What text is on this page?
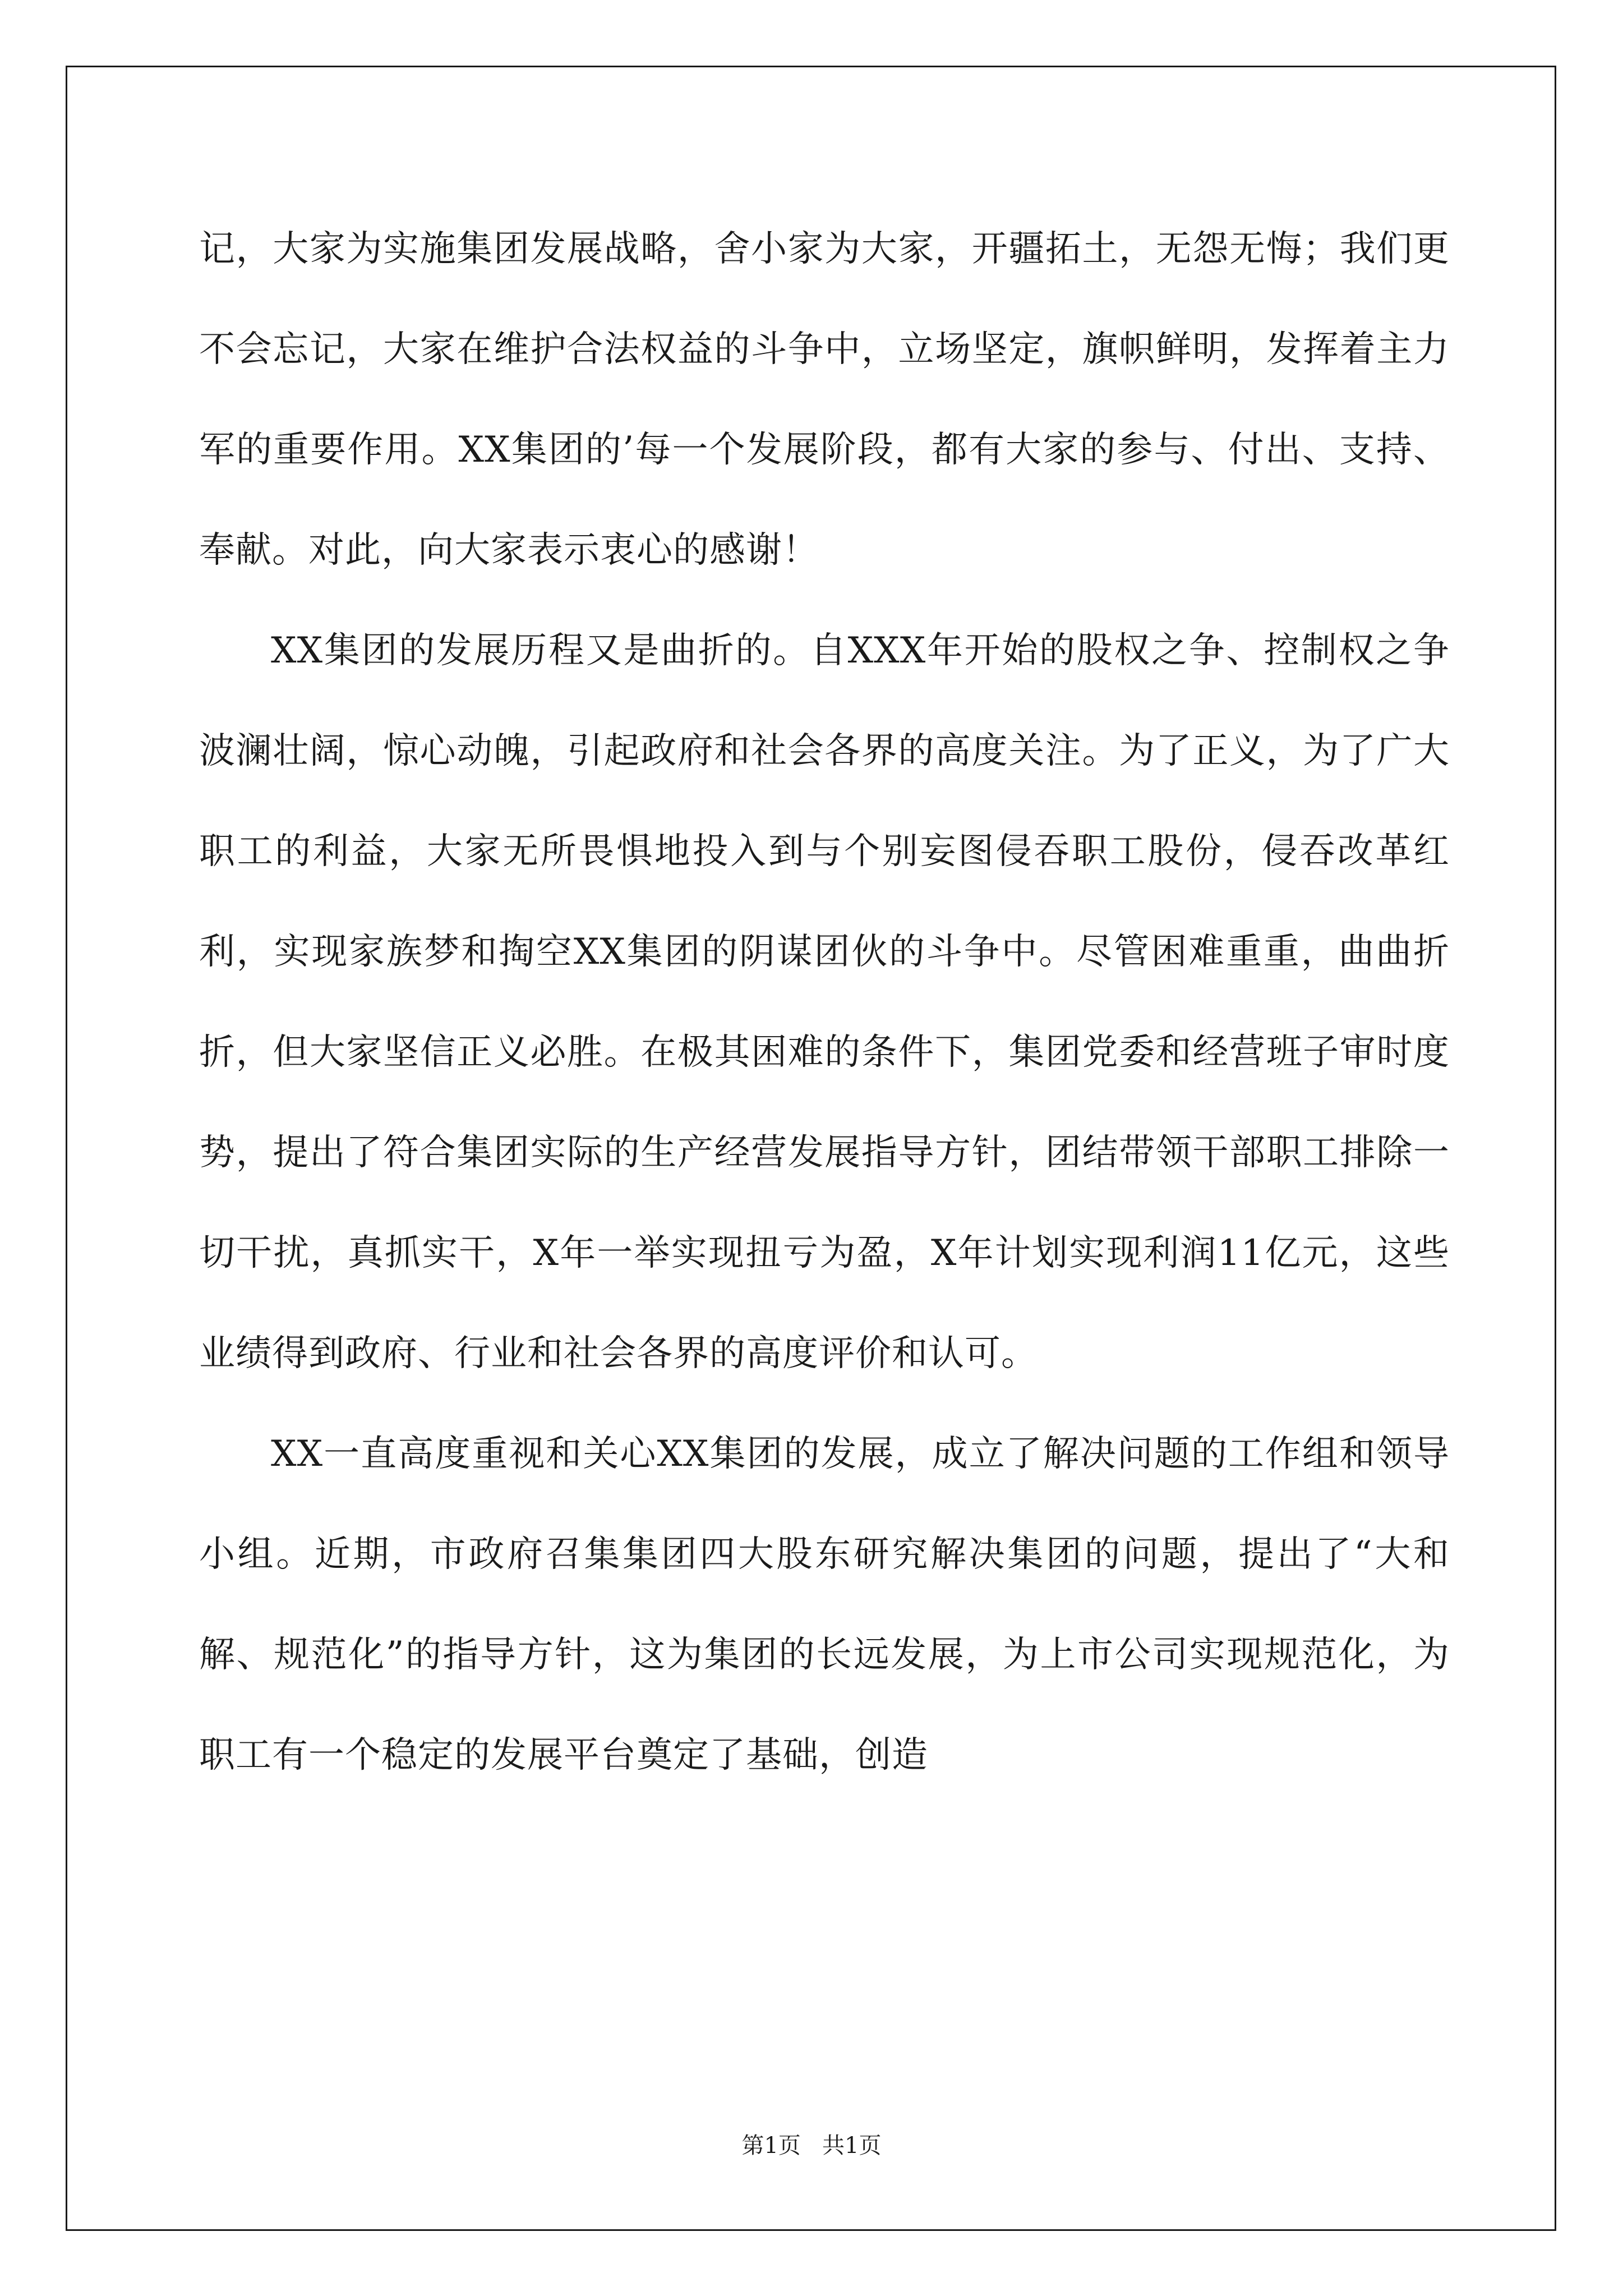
记，大家为实施集团发展战略，舍小家为大家，开疆拓土，无怨无悔；我们更不会忘记，大家在维护合法权益的斗争中，立场坚定，旗帜鲜明，发挥着主力军的重要作用。XX集团的’每一个发展阶段，都有大家的参与、付出、支持、奉献。对此，向大家表示衷心的感谢！

XX集团的发展历程又是曲折的。自XXX年开始的股权之争、控制权之争波澜壮阔，惊心动魄，引起政府和社会各界的高度关注。为了正义，为了广大职工的利益，大家无所畏惧地投入到与个别妄图侵吞职工股份，侵吞改革红利，实现家族梦和掏空XX集团的阴谋团伙的斗争中。尽管困难重重，曲曲折折，但大家坚信正义必胜。在极其困难的条件下，集团党委和经营班子审时度势，提出了符合集团实际的生产经营发展指导方针，团结带领干部职工排除一切干扰，真抓实干，X年一举实现扭亏为盈，X年计划实现利润11亿元，这些业绩得到政府、行业和社会各界的高度评价和认可。

XX一直高度重视和关心XX集团的发展，成立了解决问题的工作组和领导小组。近期，市政府召集集团四大股东研究解决集团的问题，提出了“大和解、规范化”的指导方针，这为集团的长远发展，为上市公司实现规范化，为职工有一个稳定的发展平台奠定了基础，创造

第1页   共1页
